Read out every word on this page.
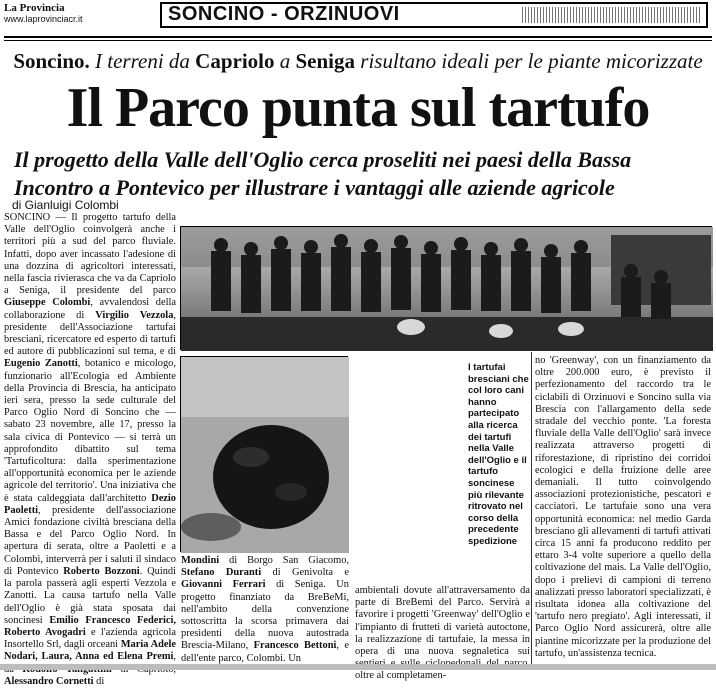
La Provincia
www.laprovinciacr.it	SONCINO - ORZINUOVI
Soncino. I terreni da Capriolo a Seniga risultano ideali per le piante micorizzate
Il Parco punta sul tartufo
Il progetto della Valle dell'Oglio cerca proseliti nei paesi della Bassa
Incontro a Pontevico per illustrare i vantaggi alle aziende agricole
di Gianluigi Colombi
SONCINO — Il progetto tartufo della Valle dell'Oglio coinvolgerà anche i territori più a sud del parco fluviale. Infatti, dopo aver incassato l'adesione di una dozzina di agricoltori interessati, nella fascia rivierasca che va da Capriolo a Seniga, il presidente del parco Giuseppe Colombi, avvalendosi della collaborazione di Virgilio Vezzola, presidente dell'Associazione tartufai bresciani, ricercatore ed esperto di tartufi ed autore di pubblicazioni sul tema, e di Eugenio Zanotti, botanico e micologo, funzionario all'Ecologia ed Ambiente della Provincia di Brescia, ha anticipato ieri sera, presso la sede culturale del Parco Oglio Nord di Soncino che — sabato 23 novembre, alle 17, presso la sala civica di Pontevico — si terrà un approfondito dibattito sul tema 'Tartuficoltura: dalla sperimentazione all'opportunità economica per le aziende agricole del territorio'. Una iniziativa che è stata caldeggiata dall'architetto Dezio Paoletti, presidente dell'associazione Amici fondazione civiltà bresciana della Bassa e del Parco Oglio Nord. In apertura di serata, oltre a Paoletti e a Colombi, interverrà per i saluti il sindaco di Pontevico Roberto Bozzoni. Quindi la parola passerà agli esperti Vezzola e Zanotti. La causa tartufo nella Valle dell'Oglio è già stata sposata dai soncinesi Emilio Francesco Federici, Roberto Avogadri e l'azienda agricola Insortello Srl, dagli orceani Maria Adele Nodari, Laura, Anna ed Elena Premi, Alessandro Cornetti di
I tartufai bresciani che col loro cani hanno partecipato alla ricerca dei tartufi nella Valle dell'Oglio e il tartufo soncinese più rilevante ritrovato nel corso della precedente spedizione
Mondini di Borgo San Giacomo, Stefano Duranti di Genivolta e Giovanni Ferrari di Seniga. Un progetto finanziato da BreBeMi, nell'ambito della convenzione sottoscritta la scorsa primavera dai presidenti della nuova autostrada Brescia-Milano, Francesco Bettoni, e dell'ente parco, Colombi. Un
ambientali dovute all'attraversamento da parte di BreBemi del Parco. Servirà a favorire i progetti 'Greenway' dell'Oglio e l'impianto di frutteti di varietà autoctone, la realizzazione di tartufaie, la messa in opera di una nuova segnaletica sui oltre al completamen-
no 'Greenway', con un finanziamento da oltre 200.000 euro, è previsto il perfezionamento del raccordo tra le ciclabili di Orzinuovi e Soncino sulla via Brescia con l'allargamento della sede stradale del vecchio ponte. 'La foresta fluviale della Valle dell'Oglio' sarà invece realizzata attraverso progetti di riforestazione, di ripristino dei corridoi ecologici e della fruizione delle aree demaniali. Il tutto coinvolgendo associazioni protezionistiche, pescatori e cacciatori. Le tartufaie sono una vera opportunità economica: nel medio Garda bresciano gli allevamenti di tartufi attivati circa 15 anni fa producono reddito per ettaro 3-4 volte superiore a quello della coltivazione del mais. La Valle dell'Oglio, dopo i prelievi di campioni di terreno analizzati presso laboratori specializzati, è risultata idonea alla coltivazione del 'tartufo nero pregiato'. Agli interessati, il Parco Oglio Nord assicurerà, oltre alle piantine micorizzate per la produzione del tartufo, un'assistenza tecnica.
